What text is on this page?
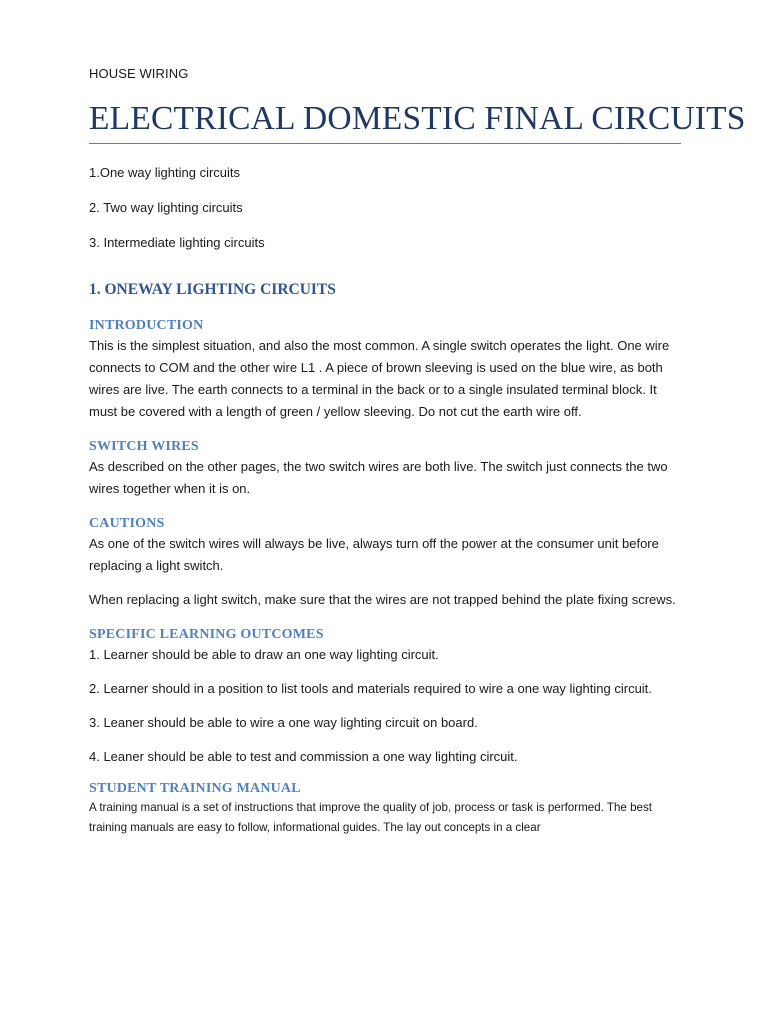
HOUSE WIRING
ELECTRICAL DOMESTIC FINAL CIRCUITS

1.One way lighting circuits

2. Two way lighting circuits

3. Intermediate lighting circuits

1. ONEWAY LIGHTING CIRCUITS
INTRODUCTION

This is the simplest situation, and also the most common. A single switch operates the light. One wire connects to COM and the other wire L1 . A piece of brown sleeving is used on the blue wire, as both wires are live. The earth connects to a terminal in the back or to a single insulated terminal block. It must be covered with a length of green / yellow sleeving. Do not cut the earth wire off.

SWITCH WIRES

As described on the other pages, the two switch wires are both live. The switch just connects the two wires together when it is on.

CAUTIONS

As one of the switch wires will always be live, always turn off the power at the consumer unit before replacing a light switch.

When replacing a light switch, make sure that the wires are not trapped behind the plate fixing screws.

SPECIFIC LEARNING OUTCOMES

1. Learner should be able to draw an one way lighting circuit.

2. Learner should in a position to list tools and materials required to wire a one way lighting circuit.

3. Leaner should be able to wire a one way lighting circuit on board.

4. Leaner should be able to test and commission a one way lighting circuit.

STUDENT TRAINING MANUAL

A training manual is a set of instructions that improve the quality of job, process or task is performed. The best training manuals are easy to follow, informational guides. The lay out concepts in a clear
